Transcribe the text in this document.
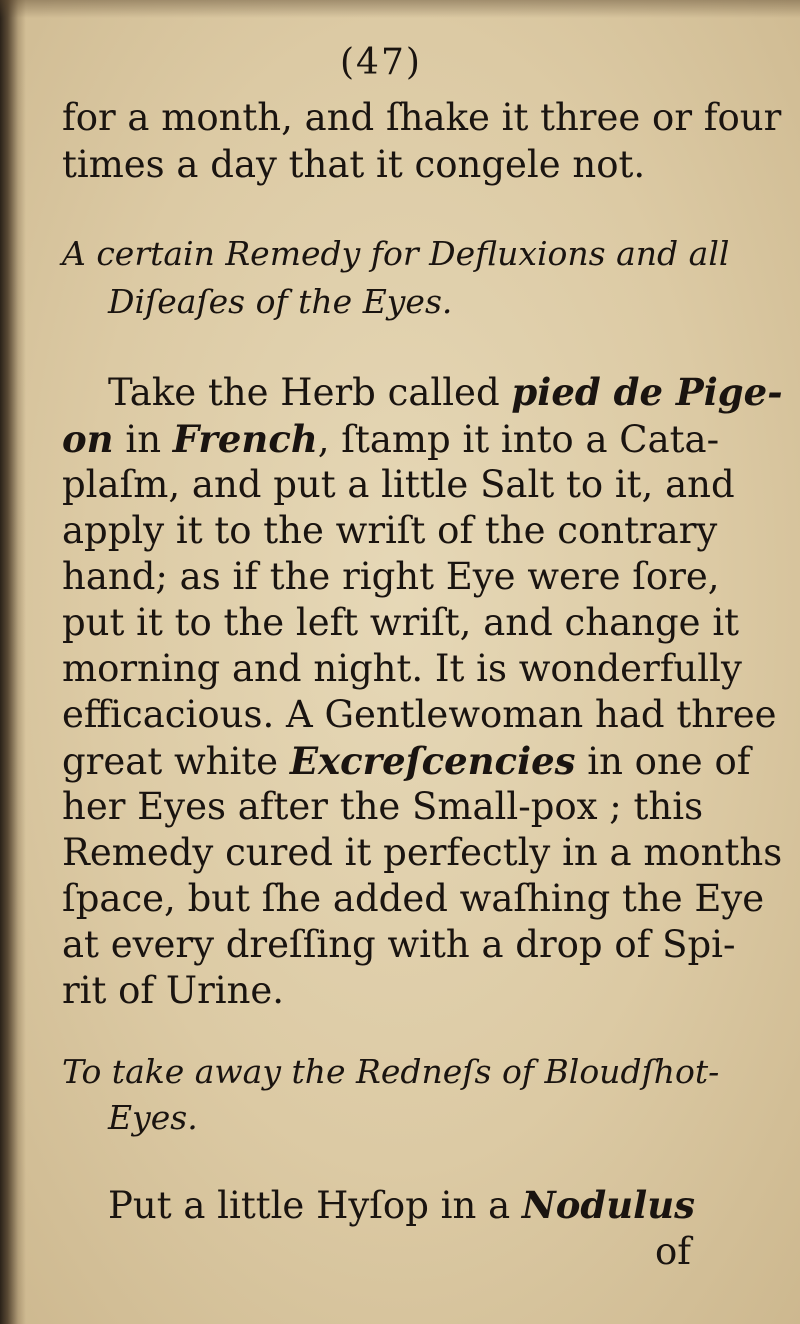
(47)
for a month, and ſhake it three or four
times a day that it congele not.
A certain Remedy for Defluxions and all
Diſeaſes of the Eyes.
Take the Herb called pied de Pige-
on in French, ſtamp it into a Cata-
plaſm, and put a little Salt to it, and
apply it to the wriſt of the contrary
hand; as if the right Eye were ſore,
put it to the left wriſt, and change it
morning and night. It is wonderfully
efficacious. A Gentlewoman had three
great white Excreſcencies in one of
her Eyes after the Small-pox ; this
Remedy cured it perfectly in a months
ſpace, but ſhe added waſhing the Eye
at every dreſſing with a drop of Spi-
rit of Urine.
To take away the Redneſs of Bloudſhot-
Eyes.
Put a little Hyſop in a Nodulus
of
